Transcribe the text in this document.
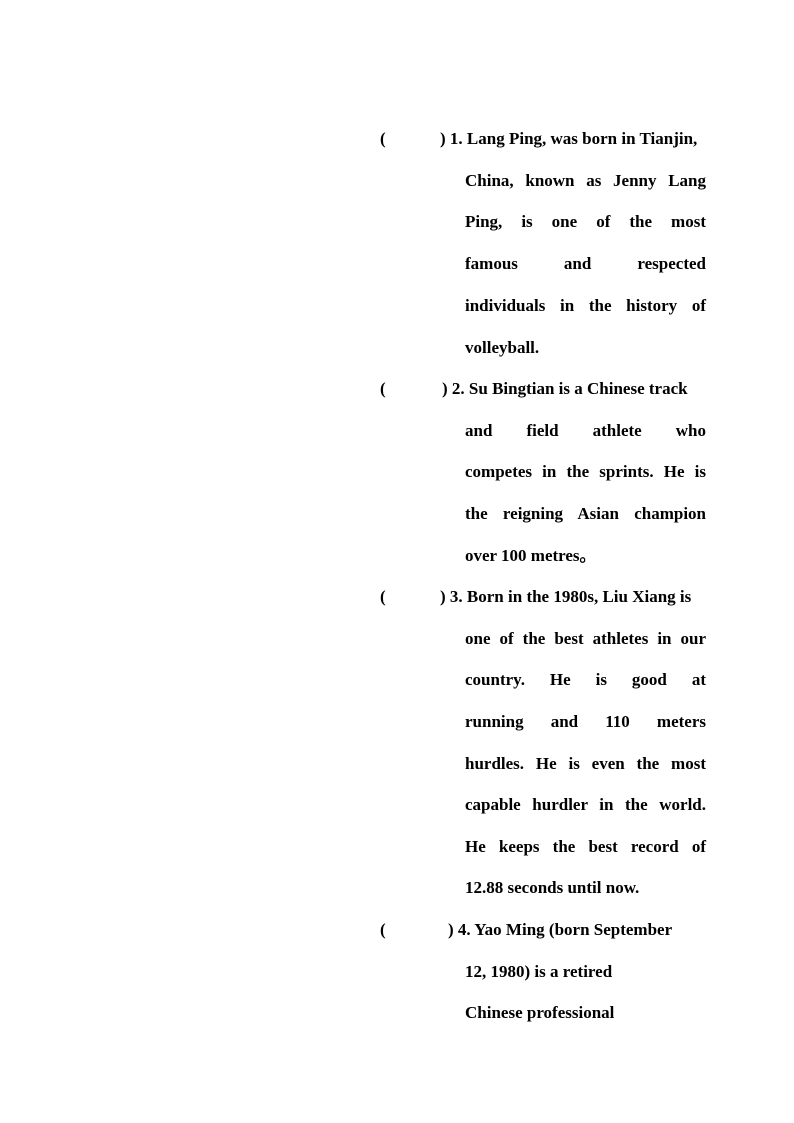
(	) 1. Lang Ping, was born in Tianjin,
China, known as Jenny Lang
Ping, is one of the most
famous and respected
individuals in the history of
volleyball.
(	) 2. Su Bingtian is a Chinese track
and field athlete who
competes in the sprints. He is
the reigning Asian champion
over 100 metres。
(	) 3. Born in the 1980s, Liu Xiang is
one of the best athletes in our
country. He is good at
running and 110 meters
hurdles. He is even the most
capable hurdler in the world.
He keeps the best record of
12.88 seconds until now.
(	) 4. Yao Ming (born September
12, 1980) is a retired
Chinese professional
